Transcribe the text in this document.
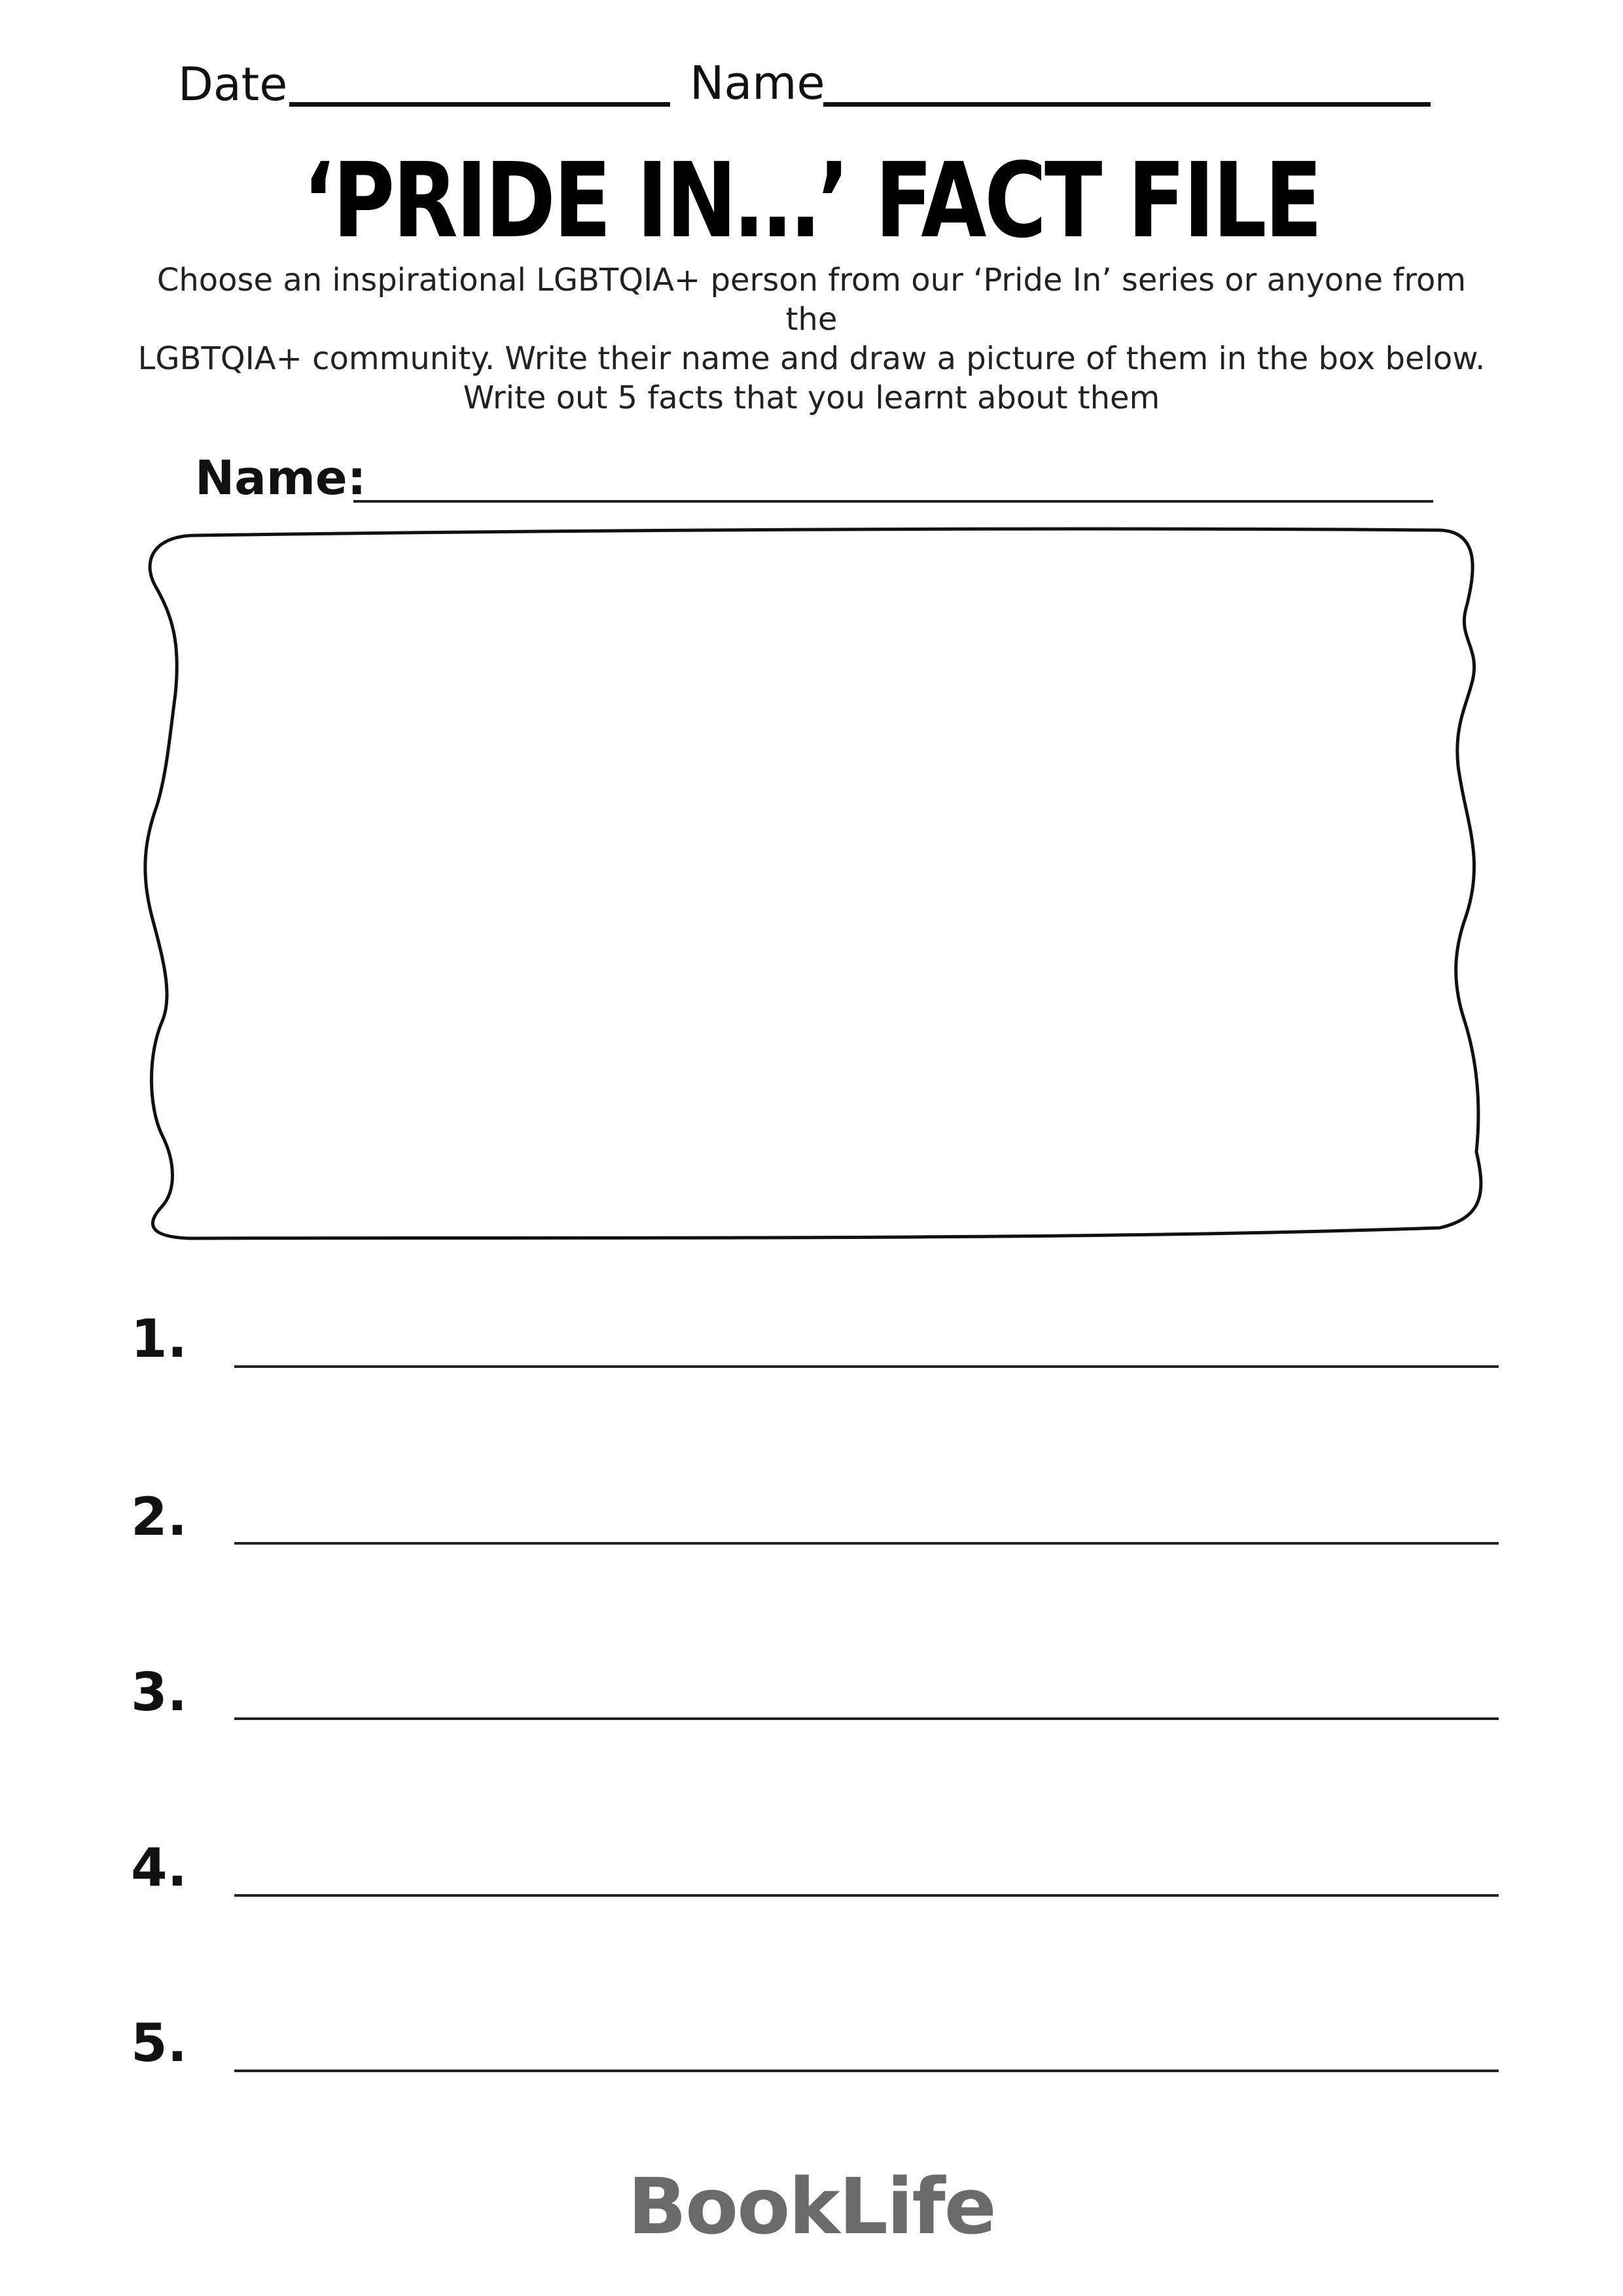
Date	Name
‘PRIDE IN…’ FACT FILE
Choose an inspirational LGBTQIA+ person from our ‘Pride In’ series or anyone from the
LGBTQIA+ community. Write their name and draw a picture of them in the box below.
Write out 5 facts that you learnt about them
Name:
1.
2.
3.
4.
5.
BookLife
